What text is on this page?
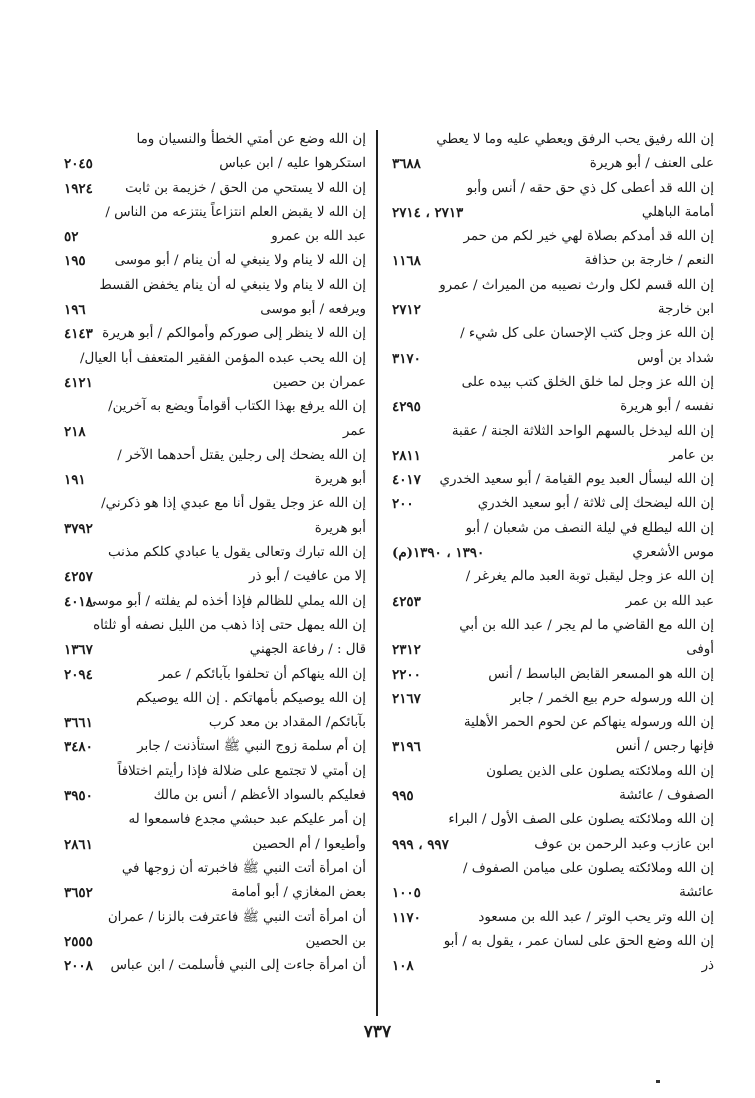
إن الله رفيق يحب الرفق ويعطي عليه وما لا يعطي
على العنف / أبو هريرة
٣٦٨٨
إن الله قد أعطى كل ذي حق حقه / أنس وأبو
أمامة الباهلي
٢٧١٣ ، ٢٧١٤
إن الله قد أمدكم بصلاة لهي خير لكم من حمر
النعم / خارجة بن حذافة
١١٦٨
إن الله قسم لكل وارث نصيبه من الميراث / عمرو
ابن خارجة
٢٧١٢
إن الله عز وجل كتب الإحسان على كل شيء /
شداد بن أوس
٣١٧٠
إن الله عز وجل لما خلق الخلق كتب بيده على
نفسه / أبو هريرة
٤٢٩٥
إن الله ليدخل بالسهم الواحد الثلاثة الجنة / عقبة
بن عامر
٢٨١١
إن الله ليسأل العبد يوم القيامة / أبو سعيد الخدري
٤٠١٧
إن الله ليضحك إلى ثلاثة / أبو سعيد الخدري
٢٠٠
إن الله ليطلع في ليلة النصف من شعبان / أبو
موس الأشعري
١٣٩٠ ، ١٣٩٠(م)
إن الله عز وجل ليقبل توبة العبد مالم يغرغر /
عبد الله بن عمر
٤٢٥٣
إن الله مع القاضي ما لم يجر / عبد الله بن أبي
أوفى
٢٣١٢
إن الله هو المسعر القابض الباسط / أنس
٢٢٠٠
إن الله ورسوله حرم بيع الخمر / جابر
٢١٦٧
إن الله ورسوله ينهاكم عن لحوم الحمر الأهلية
فإنها رجس / أنس
٣١٩٦
إن الله وملائكته يصلون على الذين يصلون
الصفوف / عائشة
٩٩٥
إن الله وملائكته يصلون على الصف الأول / البراء
ابن عازب وعبد الرحمن بن عوف
٩٩٧ ، ٩٩٩
إن الله وملائكته يصلون على ميامن الصفوف /
عائشة
١٠٠٥
إن الله وتر يحب الوتر / عبد الله بن مسعود
١١٧٠
إن الله وضع الحق على لسان عمر ، يقول به / أبو
ذر
١٠٨
إن الله وضع عن أمتي الخطأ والنسيان وما
استكرهوا عليه / ابن عباس
٢٠٤٥
إن الله لا يستحي من الحق / خزيمة بن ثابت
١٩٢٤
إن الله لا يقبض العلم انتزاعاً ينتزعه من الناس /
عبد الله بن عمرو
٥٢
إن الله لا ينام ولا ينبغي له أن ينام / أبو موسى
١٩٥
إن الله لا ينام ولا ينبغي له أن ينام يخفض القسط
ويرفعه / أبو موسى
١٩٦
إن الله لا ينظر إلى صوركم وأموالكم / أبو هريرة
٤١٤٣
إن الله يحب عبده المؤمن الفقير المتعفف أبا العيال/
عمران بن حصين
٤١٢١
إن الله يرفع بهذا الكتاب أقواماً ويضع به آخرين/
عمر
٢١٨
إن الله يضحك إلى رجلين يقتل أحدهما الآخر /
أبو هريرة
١٩١
إن الله عز وجل يقول أنا مع عبدي إذا هو ذكرني/
أبو هريرة
٣٧٩٢
إن الله تبارك وتعالى يقول يا عبادي كلكم مذنب
إلا من عافيت / أبو ذر
٤٢٥٧
إن الله يملي للظالم فإذا أخذه لم يفلته / أبو موسى
٤٠١٨
إن الله يمهل حتى إذا ذهب من الليل نصفه أو ثلثاه
قال : / رفاعة الجهني
١٣٦٧
إن الله ينهاكم أن تحلفوا بآبائكم / عمر
٢٠٩٤
إن الله يوصيكم بأمهاتكم . إن الله يوصيكم
بآبائكم/ المقداد بن معد كرب
٣٦٦١
إن أم سلمة زوج النبي ﷺ استأذنت / جابر
٣٤٨٠
إن أمتي لا تجتمع على ضلالة فإذا رأيتم اختلافاً
فعليكم بالسواد الأعظم / أنس بن مالك
٣٩٥٠
إن أمر عليكم عبد حبشي مجدع فاسمعوا له
وأطيعوا / أم الحصين
٢٨٦١
أن امرأة أتت النبي ﷺ فاخبرته أن زوجها في
بعض المغازي / أبو أمامة
٣٦٥٢
أن امرأة أتت النبي ﷺ فاعترفت بالزنا / عمران
بن الحصين
٢٥٥٥
أن امرأة جاءت إلى النبي فأسلمت / ابن عباس
٢٠٠٨
٧٣٧
